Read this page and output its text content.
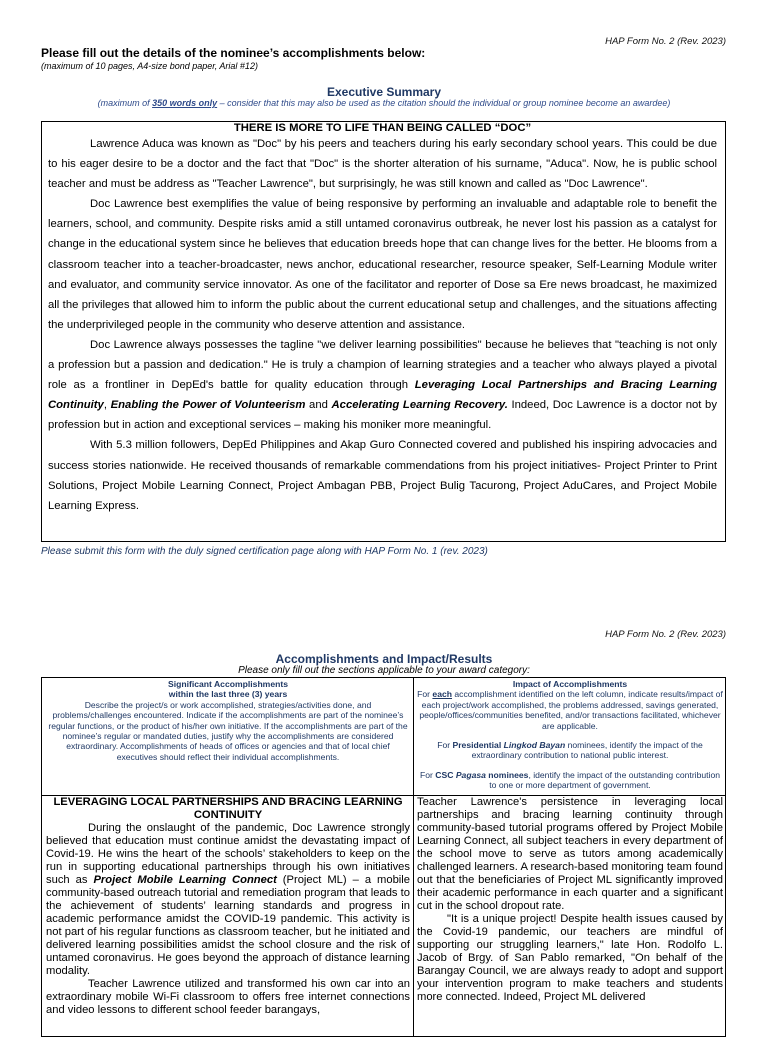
HAP Form No. 2 (Rev. 2023)
Please fill out the details of the nominee’s accomplishments below:
(maximum of 10 pages, A4-size bond paper, Arial #12)
Executive Summary
(maximum of 350 words only – consider that this may also be used as the citation should the individual or group nominee become an awardee)
THERE IS MORE TO LIFE THAN BEING CALLED “DOC”

Lawrence Aduca was known as "Doc" by his peers and teachers during his early secondary school years. This could be due to his eager desire to be a doctor and the fact that "Doc" is the shorter alteration of his surname, "Aduca". Now, he is public school teacher and must be address as "Teacher Lawrence", but surprisingly, he was still known and called as "Doc Lawrence".

Doc Lawrence best exemplifies the value of being responsive by performing an invaluable and adaptable role to benefit the learners, school, and community. Despite risks amid a still untamed coronavirus outbreak, he never lost his passion as a catalyst for change in the educational system since he believes that education breeds hope that can change lives for the better. He blooms from a classroom teacher into a teacher-broadcaster, news anchor, educational researcher, resource speaker, Self-Learning Module writer and evaluator, and community service innovator. As one of the facilitator and reporter of Dose sa Ere news broadcast, he maximized all the privileges that allowed him to inform the public about the current educational setup and challenges, and the situations affecting the underprivileged people in the community who deserve attention and assistance.

Doc Lawrence always possesses the tagline "we deliver learning possibilities" because he believes that "teaching is not only a profession but a passion and dedication." He is truly a champion of learning strategies and a teacher who always played a pivotal role as a frontliner in DepEd's battle for quality education through Leveraging Local Partnerships and Bracing Learning Continuity, Enabling the Power of Volunteerism and Accelerating Learning Recovery. Indeed, Doc Lawrence is a doctor not by profession but in action and exceptional services – making his moniker more meaningful.

With 5.3 million followers, DepEd Philippines and Akap Guro Connected covered and published his inspiring advocacies and success stories nationwide. He received thousands of remarkable commendations from his project initiatives- Project Printer to Print Solutions, Project Mobile Learning Connect, Project Ambagan PBB, Project Bulig Tacurong, Project AduCares, and Project Mobile Learning Express.

Please submit this form with the duly signed certification page along with HAP Form No. 1 (rev. 2023)
HAP Form No. 2 (Rev. 2023)
Accomplishments and Impact/Results
Please only fill out the sections applicable to your award category:
Significant Accomplishments
within the last three (3) years
Describe the project/s or work accomplished, strategies/activities done, and problems/challenges encountered. Indicate if the accomplishments are part of the nominee’s regular functions, or the product of his/her own initiative. If the accomplishments are part of the nominee’s regular or mandated duties, justify why the accomplishments are considered extraordinary. Accomplishments of heads of offices or agencies and that of local chief executives should reflect their individual accomplishments.
Impact of Accomplishments

For each accomplishment identified on the left column, indicate results/impact of each project/work accomplished, the problems addressed, savings generated, people/offices/communities benefited, and/or transactions facilitated, whichever are applicable.

For Presidential Lingkod Bayan nominees, identify the impact of the extraordinary contribution to national public interest.

For CSC Pagasa nominees, identify the impact of the outstanding contribution to one or more department of government.

LEVERAGING LOCAL PARTNERSHIPS AND BRACING LEARNING CONTINUITY

During the onslaught of the pandemic, Doc Lawrence strongly believed that education must continue amidst the devastating impact of Covid-19. He wins the heart of the schools’ stakeholders to keep on the run in supporting educational partnerships through his own initiatives such as Project Mobile Learning Connect (Project ML) – a mobile community-based outreach tutorial and remediation program that leads to the achievement of students’ learning standards and progress in academic performance amidst the COVID-19 pandemic. This activity is not part of his regular functions as classroom teacher, but he initiated and delivered learning possibilities amidst the school closure and the risk of untamed coronavirus. He goes beyond the approach of distance learning modality.

Teacher Lawrence utilized and transformed his own car into an extraordinary mobile Wi-Fi classroom to offers free internet connections and video lessons to different school feeder barangays,

Teacher Lawrence's persistence in leveraging local partnerships and bracing learning continuity through community-based tutorial programs offered by Project Mobile Learning Connect, all subject teachers in every department of the school move to serve as tutors among academically challenged learners. A research-based monitoring team found out that the beneficiaries of Project ML significantly improved their academic performance in each quarter and a significant cut in the school dropout rate.

"It is a unique project! Despite health issues caused by the Covid-19 pandemic, our teachers are mindful of supporting our struggling learners," late Hon. Rodolfo L. Jacob of Brgy. of San Pablo remarked, "On behalf of the Barangay Council, we are always ready to adopt and support your intervention program to make teachers and students more connected. Indeed, Project ML delivered
